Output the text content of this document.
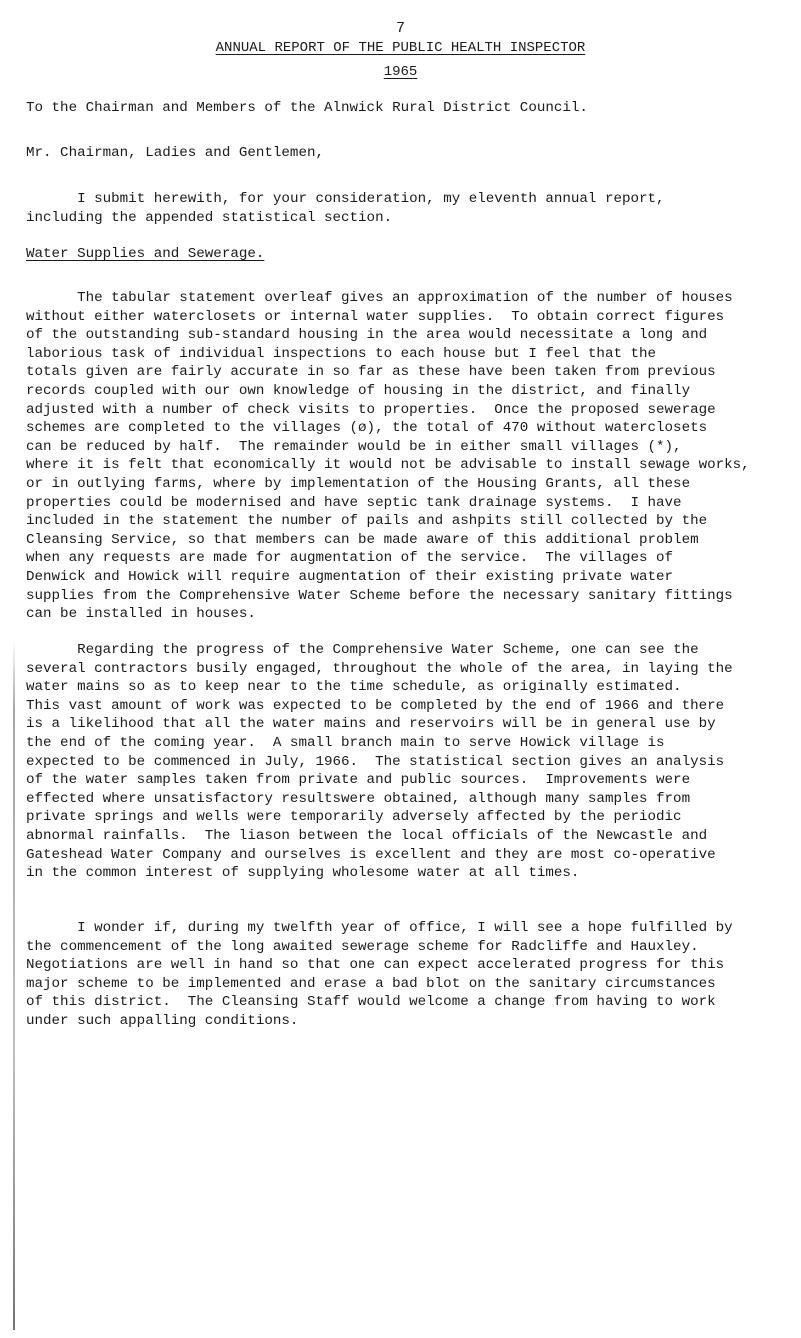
7
ANNUAL REPORT OF THE PUBLIC HEALTH INSPECTOR
1965

To the Chairman and Members of the Alnwick Rural District Council.

Mr. Chairman, Ladies and Gentlemen,

I submit herewith, for your consideration, my eleventh annual report,
including the appended statistical section.

Water Supplies and Sewerage.

The tabular statement overleaf gives an approximation of the number of houses
without either waterclosets or internal water supplies.  To obtain correct figures
of the outstanding sub-standard housing in the area would necessitate a long and
laborious task of individual inspections to each house but I feel that the
totals given are fairly accurate in so far as these have been taken from previous
records coupled with our own knowledge of housing in the district, and finally
adjusted with a number of check visits to properties.  Once the proposed sewerage
schemes are completed to the villages (ø), the total of 470 without waterclosets
can be reduced by half.  The remainder would be in either small villages (*),
where it is felt that economically it would not be advisable to install sewage works,
or in outlying farms, where by implementation of the Housing Grants, all these
properties could be modernised and have septic tank drainage systems.  I have
included in the statement the number of pails and ashpits still collected by the
Cleansing Service, so that members can be made aware of this additional problem
when any requests are made for augmentation of the service.  The villages of
Denwick and Howick will require augmentation of their existing private water
supplies from the Comprehensive Water Scheme before the necessary sanitary fittings
can be installed in houses.

Regarding the progress of the Comprehensive Water Scheme, one can see the
several contractors busily engaged, throughout the whole of the area, in laying the
water mains so as to keep near to the time schedule, as originally estimated.
This vast amount of work was expected to be completed by the end of 1966 and there
is a likelihood that all the water mains and reservoirs will be in general use by
the end of the coming year.  A small branch main to serve Howick village is
expected to be commenced in July, 1966.  The statistical section gives an analysis
of the water samples taken from private and public sources.  Improvements were
effected where unsatisfactory resultswere obtained, although many samples from
private springs and wells were temporarily adversely affected by the periodic
abnormal rainfalls.  The liason between the local officials of the Newcastle and
Gateshead Water Company and ourselves is excellent and they are most co-operative
in the common interest of supplying wholesome water at all times.

I wonder if, during my twelfth year of office, I will see a hope fulfilled by
the commencement of the long awaited sewerage scheme for Radcliffe and Hauxley.
Negotiations are well in hand so that one can expect accelerated progress for this
major scheme to be implemented and erase a bad blot on the sanitary circumstances
of this district.  The Cleansing Staff would welcome a change from having to work
under such appalling conditions.
